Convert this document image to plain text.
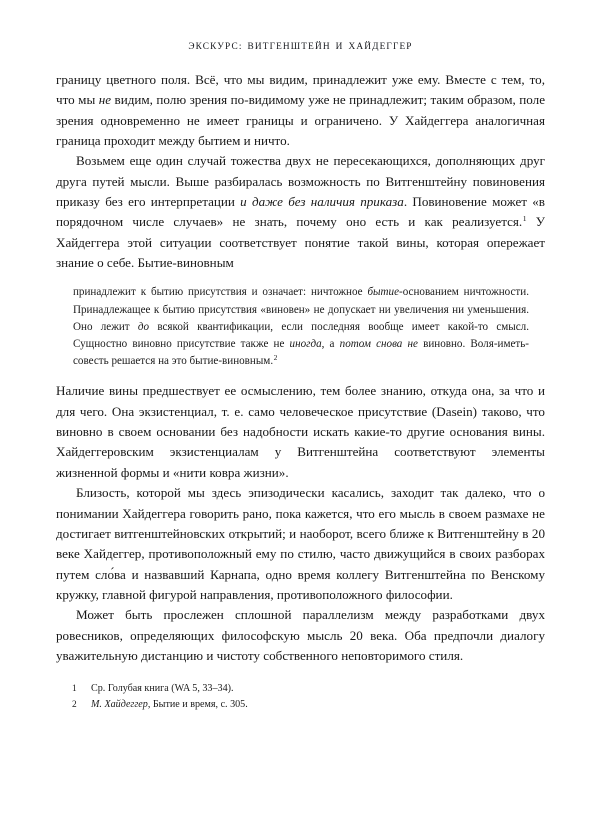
ЭКСКУРС: ВИТГЕНШТЕЙН И ХАЙДЕГГЕР

границу цветного поля. Всё, что мы видим, принадлежит уже ему. Вместе с тем, то, что мы не видим, полю зрения по-видимому уже не принадлежит; таким образом, поле зрения одновременно не имеет границы и ограничено. У Хайдеггера аналогичная граница проходит между бытием и ничто.

Возьмем еще один случай тожества двух не пересекающихся, дополняющих друг друга путей мысли. Выше разбиралась возможность по Витгенштейну повиновения приказу без его интерпретации и даже без наличия приказа. Повиновение может «в порядочном числе случаев» не знать, почему оно есть и как реализуется.$^1$ У Хайдеггера этой ситуации соответствует понятие такой вины, которая опережает знание о себе. Бытие-виновным

принадлежит к бытию присутствия и означает: ничтожное бытие-основанием ничтожности. Принадлежащее к бытию присутствия «виновен» не допускает ни увеличения ни уменьшения. Оно лежит до всякой квантификации, если последняя вообще имеет какой-то смысл. Сущностно виновно присутствие также не иногда, а потом снова не виновно. Воля-иметь-совесть решается на это бытие-виновным.$^2$

Наличие вины предшествует ее осмыслению, тем более знанию, откуда она, за что и для чего. Она экзистенциал, т. е. само человеческое присутствие (Dasein) таково, что виновно в своем основании без надобности искать какие-то другие основания вины. Хайдеггеровским экзистенциалам у Витгенштейна соответствуют элементы жизненной формы и «нити ковра жизни».

Близость, которой мы здесь эпизодически касались, заходит так далеко, что о понимании Хайдеггера говорить рано, пока кажется, что его мысль в своем размахе не достигает витгенштейновских открытий; и наоборот, всего ближе к Витгенштейну в 20 веке Хайдеггер, противоположный ему по стилю, часто движущийся в своих разборах путем сло́ва и назвавший Карнапа, одно время коллегу Витгенштейна по Венскому кружку, главной фигурой направления, противоположного философии.

Может быть прослежен сплошной параллелизм между разработками двух ровесников, определяющих философскую мысль 20 века. Оба предпочли диалогу уважительную дистанцию и чистоту собственного неповторимого стиля.

1	Ср. Голубая книга (WA 5, 33–34).
2	М. Хайдеггер, Бытие и время, с. 305.
